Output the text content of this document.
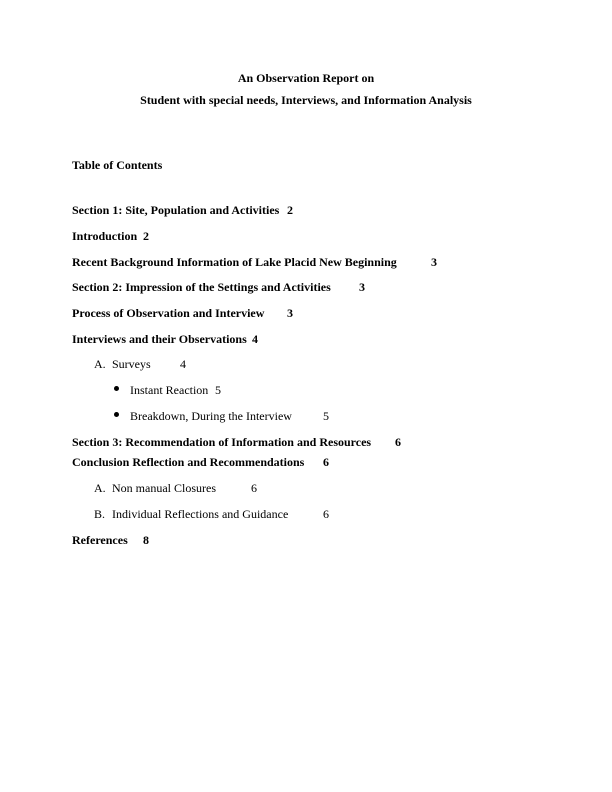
An Observation Report on
Student with special needs, Interviews, and Information Analysis
Table of Contents
Section 1: Site, Population and Activities 2
Introduction 2
Recent Background Information of Lake Placid New Beginning	3
Section 2: Impression of the Settings and Activities 3
Process of Observation and Interview 3
Interviews and their Observations 4
A. Surveys 4
Instant Reaction 5
Breakdown, During the Interview	5
Section 3: Recommendation of Information and Resources 6
Conclusion Reflection and Recommendations 6
A. Non manual Closures	6
B. Individual Reflections and Guidance	6
References 8
